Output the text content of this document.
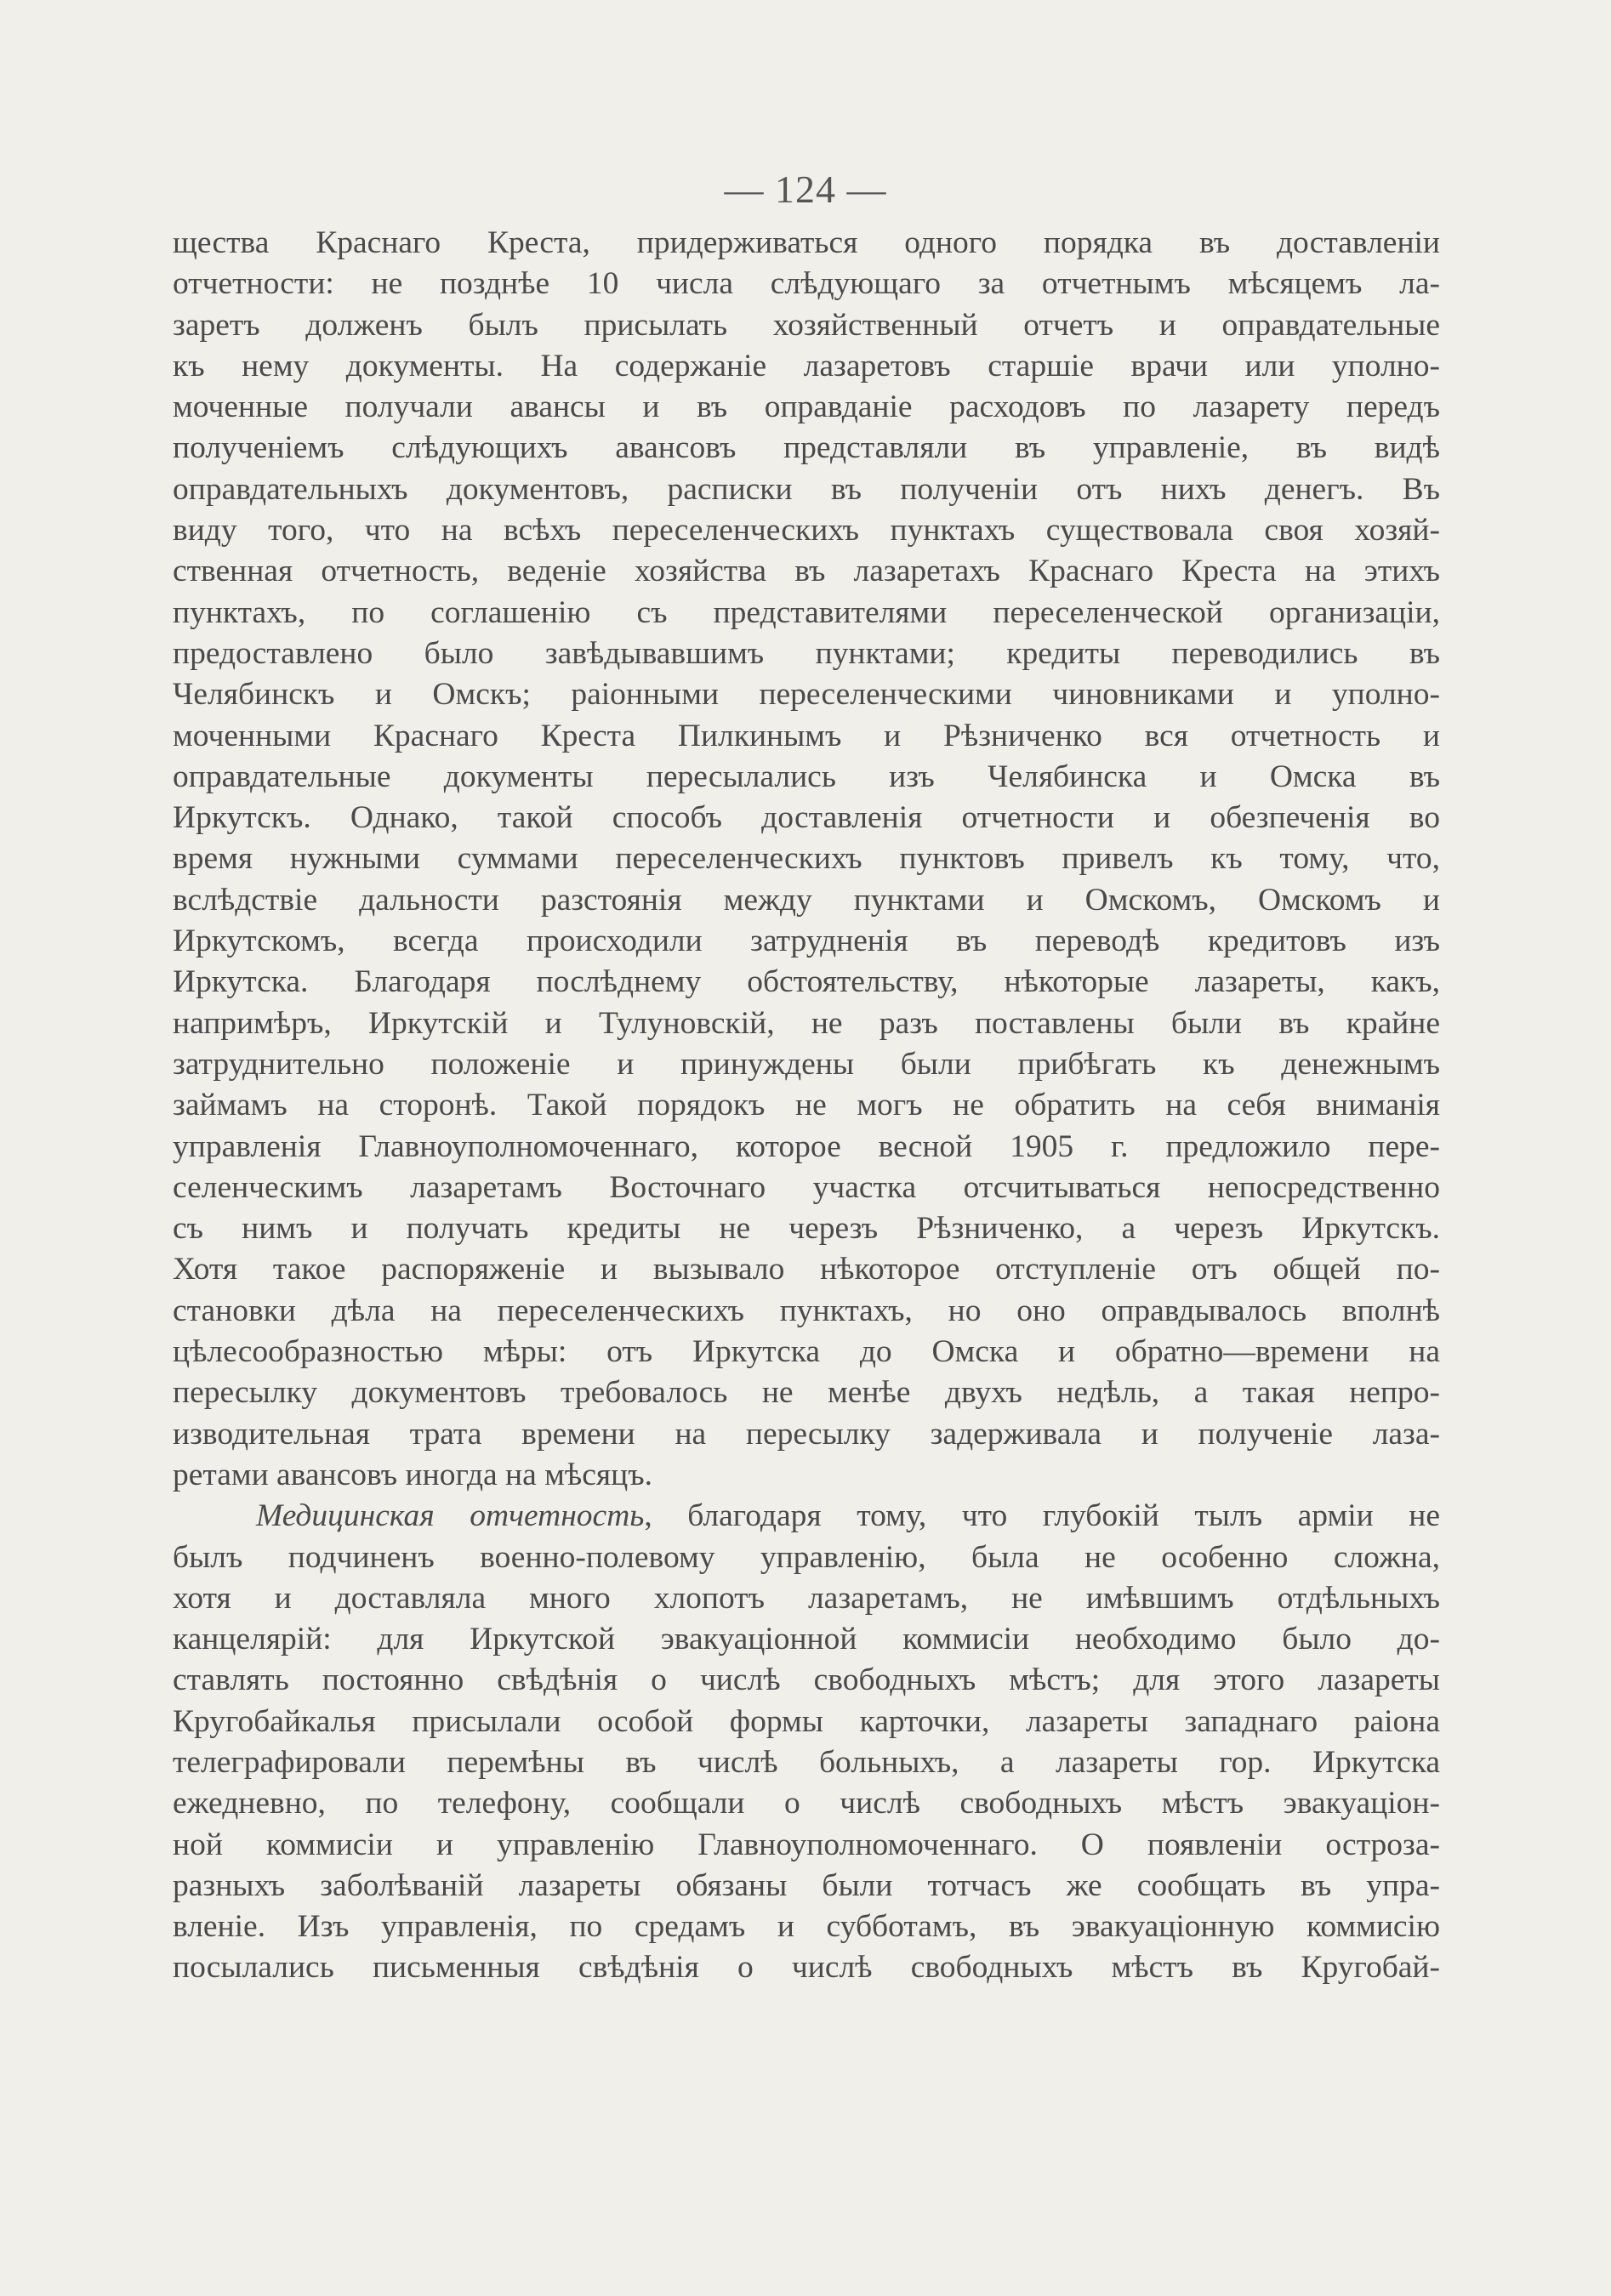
— 124 —
щества Краснаго Креста, придерживаться одного порядка въ доставленіи
отчетности: не позднѣе 10 числа слѣдующаго за отчетнымъ мѣсяцемъ ла-
заретъ долженъ былъ присылать хозяйственный отчетъ и оправдательные
къ нему документы. На содержаніе лазаретовъ старшіе врачи или уполно-
моченные получали авансы и въ оправданіе расходовъ по лазарету передъ
полученіемъ слѣдующихъ авансовъ представляли въ управленіе, въ видѣ
оправдательныхъ документовъ, расписки въ полученіи отъ нихъ денегъ. Въ
виду того, что на всѣхъ переселенческихъ пунктахъ существовала своя хозяй-
ственная отчетность, веденіе хозяйства въ лазаретахъ Краснаго Креста на этихъ
пунктахъ, по соглашенію съ представителями переселенческой организаціи,
предоставлено было завѣдывавшимъ пунктами; кредиты переводились въ
Челябинскъ и Омскъ; раіонными переселенческими чиновниками и уполно-
моченными Краснаго Креста Пилкинымъ и Рѣзниченко вся отчетность и
оправдательные документы пересылались изъ Челябинска и Омска въ
Иркутскъ. Однако, такой способъ доставленія отчетности и обезпеченія во
время нужными суммами переселенческихъ пунктовъ привелъ къ тому, что,
вслѣдствіе дальности разстоянія между пунктами и Омскомъ, Омскомъ и
Иркутскомъ, всегда происходили затрудненія въ переводѣ кредитовъ изъ
Иркутска. Благодаря послѣднему обстоятельству, нѣкоторые лазареты, какъ,
напримѣръ, Иркутскій и Тулуновскій, не разъ поставлены были въ крайне
затруднительно положеніе и принуждены были прибѣгать къ денежнымъ
займамъ на сторонѣ. Такой порядокъ не могъ не обратить на себя вниманія
управленія Главноуполномоченнаго, которое весной 1905 г. предложило пере-
селенческимъ лазаретамъ Восточнаго участка отсчитываться непосредственно
съ нимъ и получать кредиты не черезъ Рѣзниченко, а черезъ Иркутскъ.
Хотя такое распоряженіе и вызывало нѣкоторое отступленіе отъ общей по-
становки дѣла на переселенческихъ пунктахъ, но оно оправдывалось вполнѣ
цѣлесообразностью мѣры: отъ Иркутска до Омска и обратно—времени на
пересылку документовъ требовалось не менѣе двухъ недѣль, а такая непро-
изводительная трата времени на пересылку задерживала и полученіе лаза-
ретами авансовъ иногда на мѣсяцъ.
Медицинская отчетность, благодаря тому, что глубокій тылъ арміи не
былъ подчиненъ военно-полевому управленію, была не особенно сложна,
хотя и доставляла много хлопотъ лазаретамъ, не имѣвшимъ отдѣльныхъ
канцелярій: для Иркутской эвакуаціонной коммисіи необходимо было до-
ставлять постоянно свѣдѣнія о числѣ свободныхъ мѣстъ; для этого лазареты
Кругобайкалья присылали особой формы карточки, лазареты западнаго раіона
телеграфировали перемѣны въ числѣ больныхъ, а лазареты гор. Иркутска
ежедневно, по телефону, сообщали о числѣ свободныхъ мѣстъ эвакуаціон-
ной коммисіи и управленію Главноуполномоченнаго. О появленіи остроза-
разныхъ заболѣваній лазареты обязаны были тотчасъ же сообщать въ упра-
вленіе. Изъ управленія, по средамъ и субботамъ, въ эвакуаціонную коммисію
посылались письменныя свѣдѣнія о числѣ свободныхъ мѣстъ въ Кругобай-
